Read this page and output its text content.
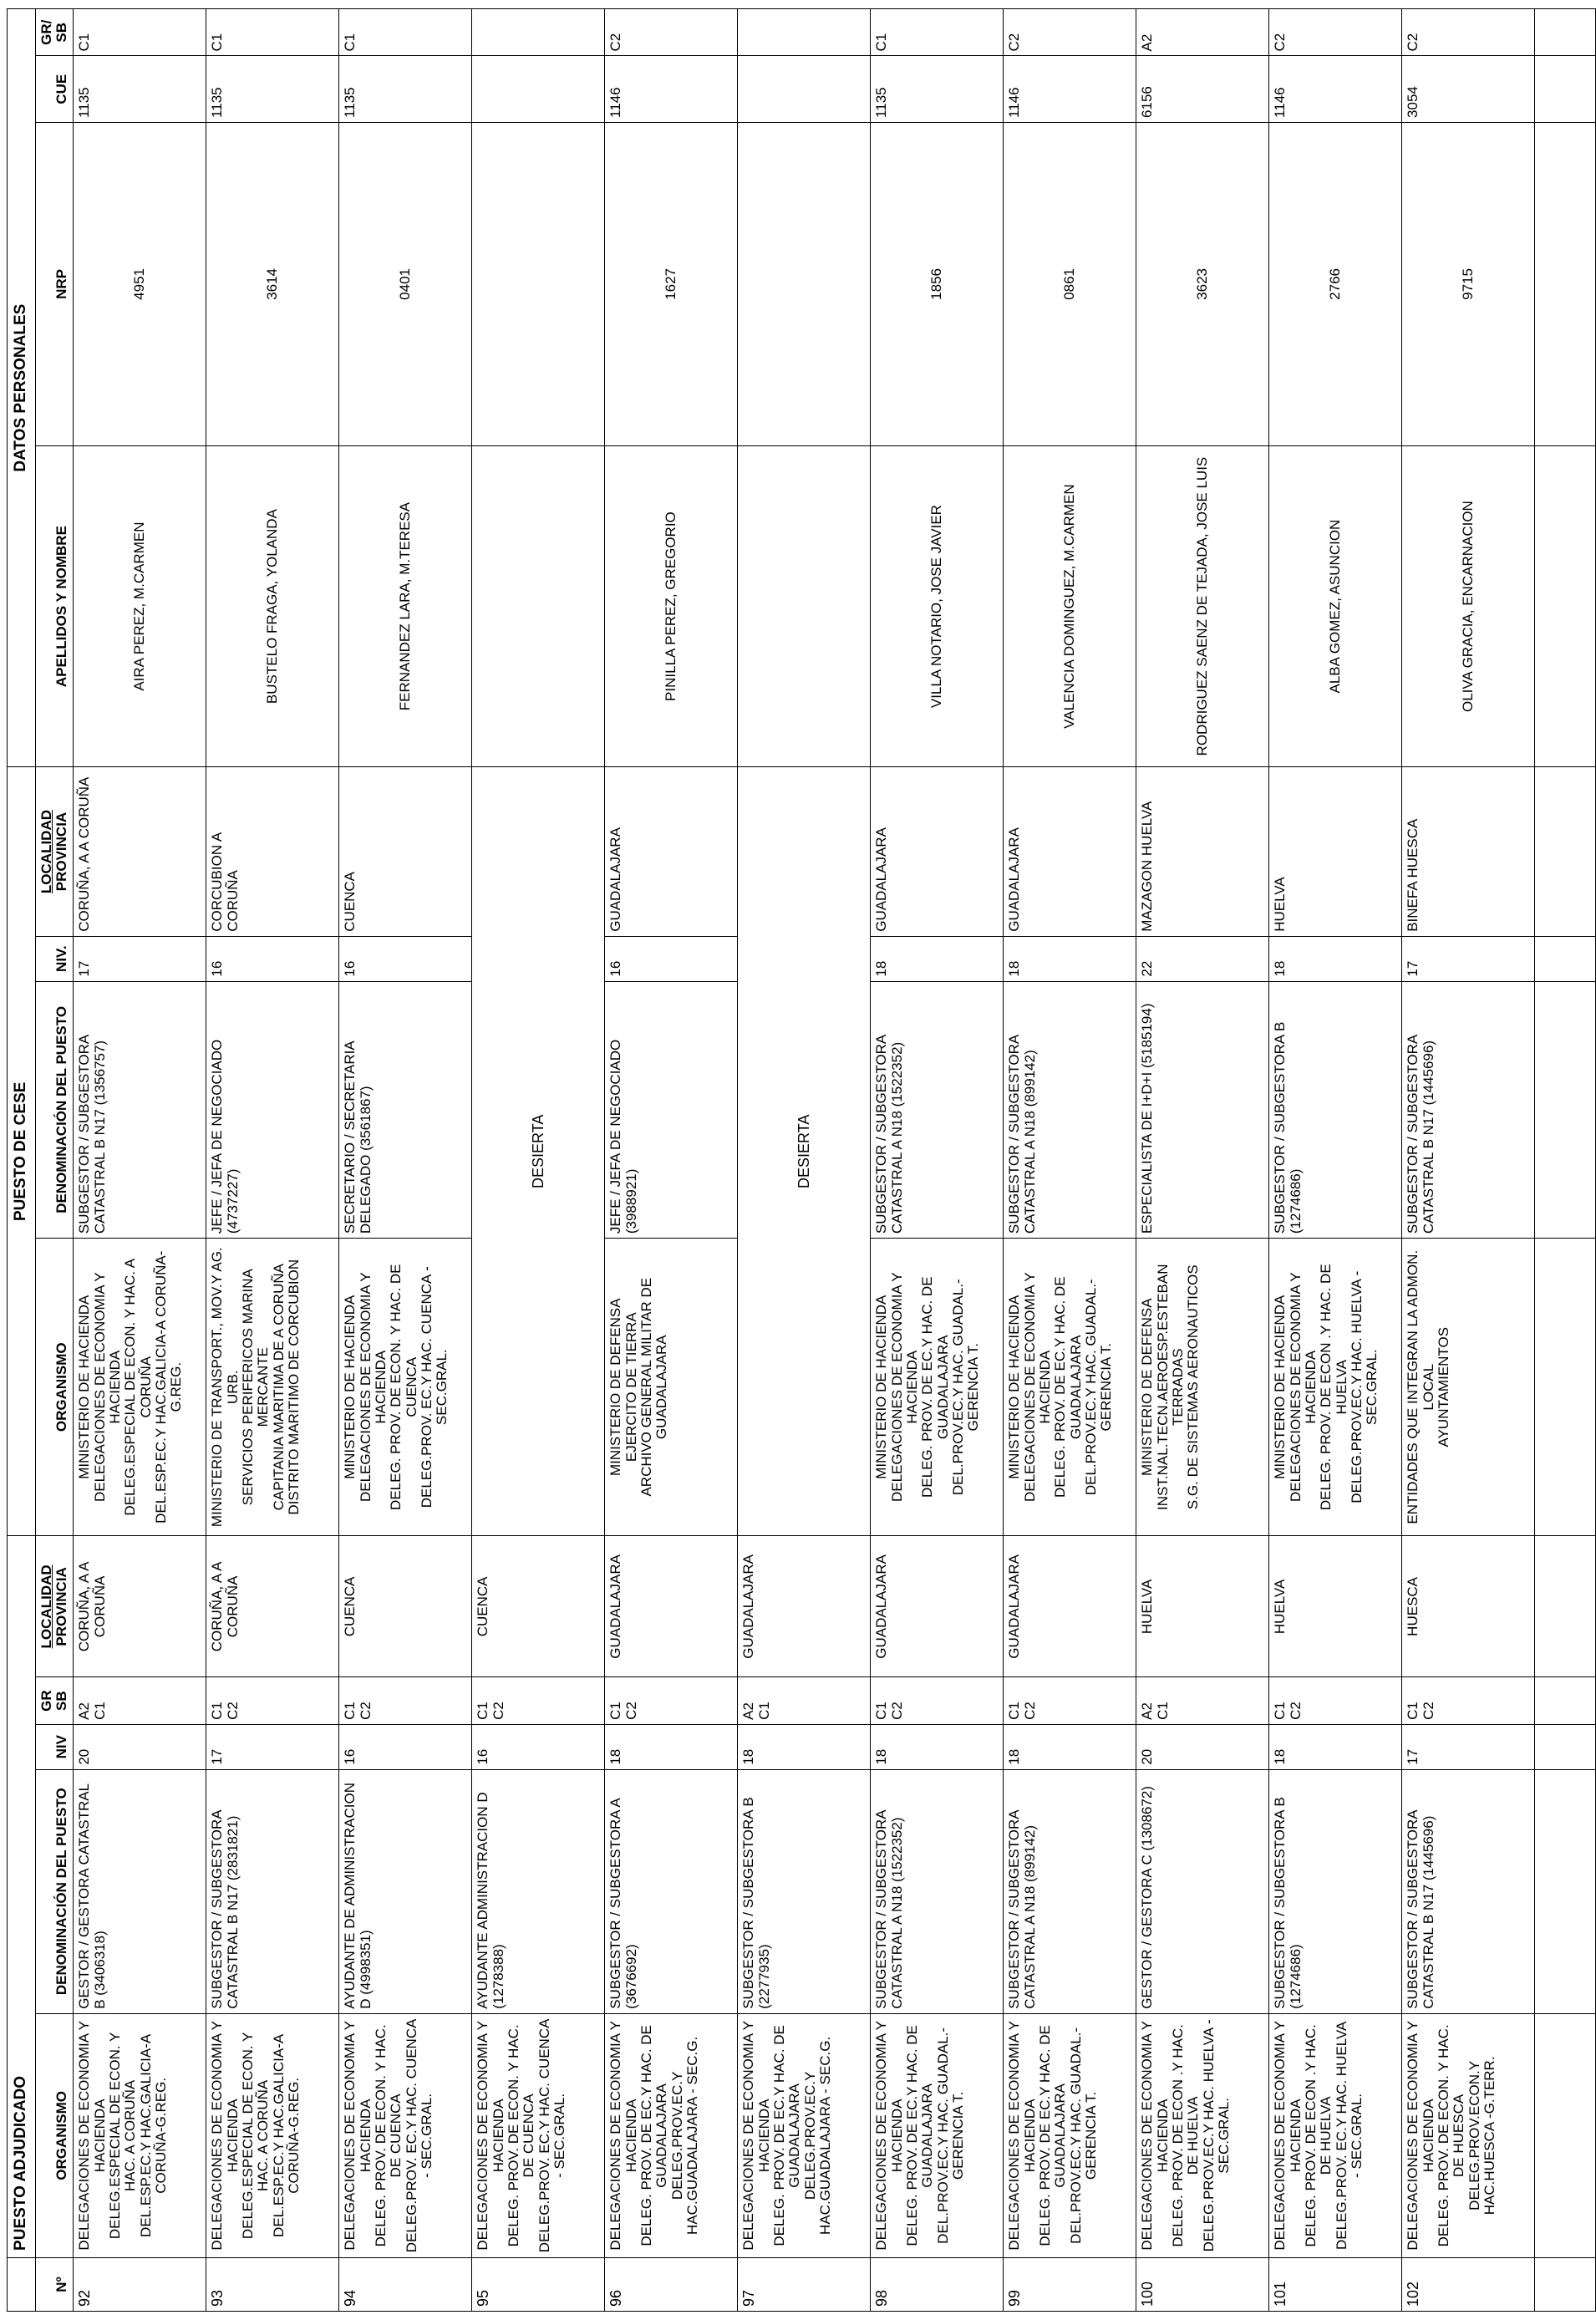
	PUESTO ADJUDICADO					PUESTO DE CESE				DATOS PERSONALES			
Nº	ORGANISMO	DENOMINACIÓN DEL PUESTO	NIV	GR SB	LOCALIDAD
PROVINCIA	ORGANISMO	DENOMINACIÓN DEL PUESTO	NIV.	LOCALIDAD
PROVINCIA	APELLIDOS Y NOMBRE	NRP	CUE	GR/ SB
92	DELEGACIONES DE ECONOMIA Y HACIENDA DELEG.ESPECIAL DE ECON. Y HAC. A CORUÑA DEL.ESP.EC.Y HAC.GALICIA-A CORUÑA-G.REG.	GESTOR / GESTORA CATASTRAL B (3406318)	20	A2 C1	CORUÑA, A A CORUÑA	MINISTERIO DE HACIENDA DELEGACIONES DE ECONOMIA Y HACIENDA DELEG.ESPECIAL DE ECON. Y HAC. A CORUÑA DEL.ESP.EC.Y HAC.GALICIA-A CORUÑA-G.REG.	SUBGESTOR / SUBGESTORA CATASTRAL B N17 (1356757)	17	CORUÑA, A A CORUÑA	AIRA PEREZ, M.CARMEN	4951	1135	C1
93	DELEGACIONES DE ECONOMIA Y HACIENDA DELEG.ESPECIAL DE ECON. Y HAC. A CORUÑA DEL.ESP.EC.Y HAC.GALICIA-A CORUÑA-G.REG.	SUBGESTOR / SUBGESTORA CATASTRAL B N17 (2831821)	17	C1 C2	CORUÑA, A A CORUÑA	MINISTERIO DE TRANSPORT., MOV.Y AG. URB. SERVICIOS PERIFERICOS MARINA MERCANTE CAPITANIA MARITIMA DE A CORUÑA DISTRITO MARITIMO DE CORCUBION	JEFE / JEFA DE NEGOCIADO (4737227)	16	CORCUBION A CORUÑA	BUSTELO FRAGA, YOLANDA	3614	1135	C1
94	DELEGACIONES DE ECONOMIA Y HACIENDA DELEG. PROV. DE ECON. Y HAC. DE CUENCA DELEG.PROV. EC.Y HAC. CUENCA - SEC.GRAL.	AYUDANTE DE ADMINISTRACION D (4998351)	16	C1 C2	CUENCA	MINISTERIO DE HACIENDA DELEGACIONES DE ECONOMIA Y HACIENDA DELEG. PROV. DE ECON. Y HAC. DE CUENCA DELEG.PROV. EC.Y HAC. CUENCA - SEC.GRAL.	SECRETARIO / SECRETARIA DELEGADO (3561867)	16	CUENCA	FERNANDEZ LARA, M.TERESA	0401	1135	C1
95	DELEGACIONES DE ECONOMIA Y HACIENDA DELEG. PROV. DE ECON. Y HAC. DE CUENCA DELEG.PROV. EC.Y HAC. CUENCA - SEC.GRAL.	AYUDANTE ADMINISTRACION D (1278388)	16	C1 C2	CUENCA	DESIERTA							
96	DELEGACIONES DE ECONOMIA Y HACIENDA DELEG. PROV. DE EC.Y HAC. DE GUADALAJARA DELEG.PROV.EC.Y HAC.GUADALAJARA - SEC.G.	SUBGESTOR / SUBGESTORA A (3676692)	18	C1 C2	GUADALAJARA	MINISTERIO DE DEFENSA EJERCITO DE TIERRA ARCHIVO GENERAL MILITAR DE GUADALAJARA	JEFE / JEFA DE NEGOCIADO (3988921)	16	GUADALAJARA	PINILLA PEREZ, GREGORIO	1627	1146	C2
97	DELEGACIONES DE ECONOMIA Y HACIENDA DELEG. PROV. DE EC.Y HAC. DE GUADALAJARA DELEG.PROV.EC.Y HAC.GUADALAJARA - SEC.G.	SUBGESTOR / SUBGESTORA B (2277935)	18	A2 C1	GUADALAJARA	DESIERTA							
98	DELEGACIONES DE ECONOMIA Y HACIENDA DELEG. PROV. DE EC.Y HAC. DE GUADALAJARA DEL.PROV.EC.Y HAC. GUADAL.- GERENCIA T.	SUBGESTOR / SUBGESTORA CATASTRAL A N18 (1522352)	18	C1 C2	GUADALAJARA	MINISTERIO DE HACIENDA DELEGACIONES DE ECONOMIA Y HACIENDA DELEG. PROV. DE EC.Y HAC. DE GUADALAJARA DEL.PROV.EC.Y HAC. GUADAL.- GERENCIA T.	SUBGESTOR / SUBGESTORA CATASTRAL A N18 (1522352)	18	GUADALAJARA	VILLA NOTARIO, JOSE JAVIER	1856	1135	C1
99	DELEGACIONES DE ECONOMIA Y HACIENDA DELEG. PROV. DE EC.Y HAC. DE GUADALAJARA DEL.PROV.EC.Y HAC. GUADAL.- GERENCIA T.	SUBGESTOR / SUBGESTORA CATASTRAL A N18 (899142)	18	C1 C2	GUADALAJARA	MINISTERIO DE HACIENDA DELEGACIONES DE ECONOMIA Y HACIENDA DELEG. PROV. DE EC.Y HAC. DE GUADALAJARA DEL.PROV.EC.Y HAC. GUADAL.- GERENCIA T.	SUBGESTOR / SUBGESTORA CATASTRAL A N18 (899142)	18	GUADALAJARA	VALENCIA DOMINGUEZ, M.CARMEN	0861	1146	C2
100	DELEGACIONES DE ECONOMIA Y HACIENDA DELEG. PROV. DE ECON .Y HAC. DE HUELVA DELEG.PROV.EC.Y HAC. HUELVA - SEC.GRAL.	GESTOR / GESTORA C (1308672)	20	A2 C1	HUELVA	MINISTERIO DE DEFENSA INST.NAL.TECN.AEROESP.ESTEBAN TERRADAS S.G. DE SISTEMAS AERONAUTICOS	ESPECIALISTA DE I+D+I (5185194)	22	MAZAGON HUELVA	RODRIGUEZ SAENZ DE TEJADA, JOSE LUIS	3623	6156	A2
101	DELEGACIONES DE ECONOMIA Y HACIENDA DELEG. PROV. DE ECON .Y HAC. DE HUELVA DELEG.PROV. EC.Y HAC. HUELVA - SEC.GRAL.	SUBGESTOR / SUBGESTORA B (1274686)	18	C1 C2	HUELVA	MINISTERIO DE HACIENDA DELEGACIONES DE ECONOMIA Y HACIENDA DELEG. PROV. DE ECON .Y HAC. DE HUELVA DELEG.PROV.EC.Y HAC. HUELVA - SEC.GRAL.	SUBGESTOR / SUBGESTORA B (1274686)	18	HUELVA	ALBA GOMEZ, ASUNCION	2766	1146	C2
102	DELEGACIONES DE ECONOMIA Y HACIENDA DELEG. PROV. DE ECON. Y HAC. DE HUESCA DELEG.PROV.ECON.Y HAC.HUESCA -G.TERR.	SUBGESTOR / SUBGESTORA CATASTRAL B N17 (1445696)	17	C1 C2	HUESCA	ENTIDADES QUE INTEGRAN LA ADMON. LOCAL AYUNTAMIENTOS	SUBGESTOR / SUBGESTORA CATASTRAL B N17 (1445696)	17	BINEFA HUESCA	OLIVA GRACIA, ENCARNACION	9715	3054	C2
